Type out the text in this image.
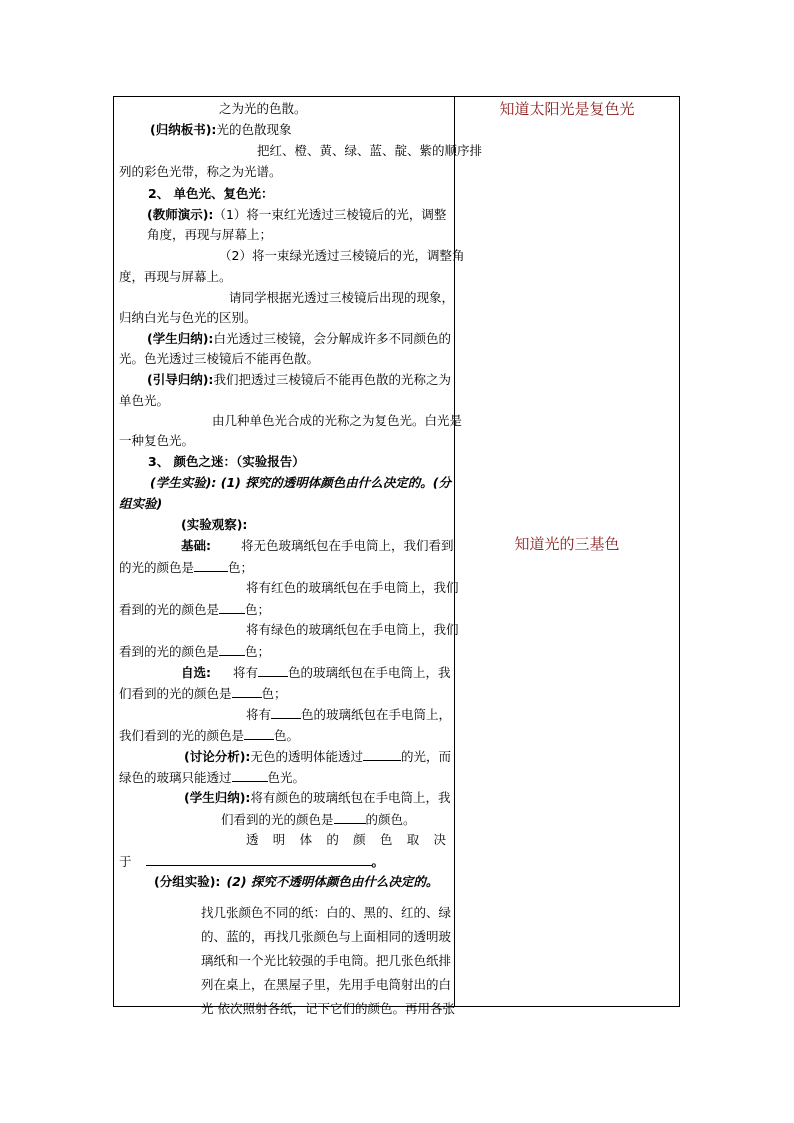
之为光的色散。
(归纳板书):光的色散现象
把红、橙、黄、绿、蓝、靛、紫的顺序排
列的彩色光带，称之为光谱。
2、 单色光、复色光：
(教师演示):（1）将一束红光透过三棱镜后的光，调整
角度，再现与屏幕上；
（2）将一束绿光透过三棱镜后的光，调整角
度，再现与屏幕上。
请同学根据光透过三棱镜后出现的现象，
归纳白光与色光的区别。
(学生归纳):白光透过三棱镜，会分解成许多不同颜色的
光。色光透过三棱镜后不能再色散。
(引导归纳):我们把透过三棱镜后不能再色散的光称之为
单色光。
由几种单色光合成的光称之为复色光。白光是
一种复色光。
3、 颜色之迷：（实验报告）
(学生实验): (1) 探究的透明体颜色由什么决定的。(分
组实验)
(实验观察):
基础: 将无色玻璃纸包在手电筒上，我们看到
的光的颜色是	色；
将有红色的玻璃纸包在手电筒上，我们
看到的光的颜色是 色；
将有绿色的玻璃纸包在手电筒上，我们
看到的光的颜色是 色；
自选: 将有 色的玻璃纸包在手电筒上，我
们看到的光的颜色是 色；
将有 色的玻璃纸包在手电筒上，
我们看到的光的颜色是 色。
(讨论分析):无色的透明体能透过	的光，而
绿色的玻璃只能透过	色光。
(学生归纳):将有颜色的玻璃纸包在手电筒上，我
们看到的光的颜色是	的颜色。
透 明 体 的 颜 色 取 决
于	。
(分组实验): (2) 探究不透明体颜色由什么决定的。
找几张颜色不同的纸：白的、黑的、红的、绿
的、蓝的，再找几张颜色与上面相同的透明玻
璃纸和一个光比较强的手电筒。把几张色纸排
列在桌上，在黑屋子里，先用手电筒射出的白
光 依次照射各纸，记下它们的颜色。再用各张
知道太阳光是复色光
知道光的三基色
